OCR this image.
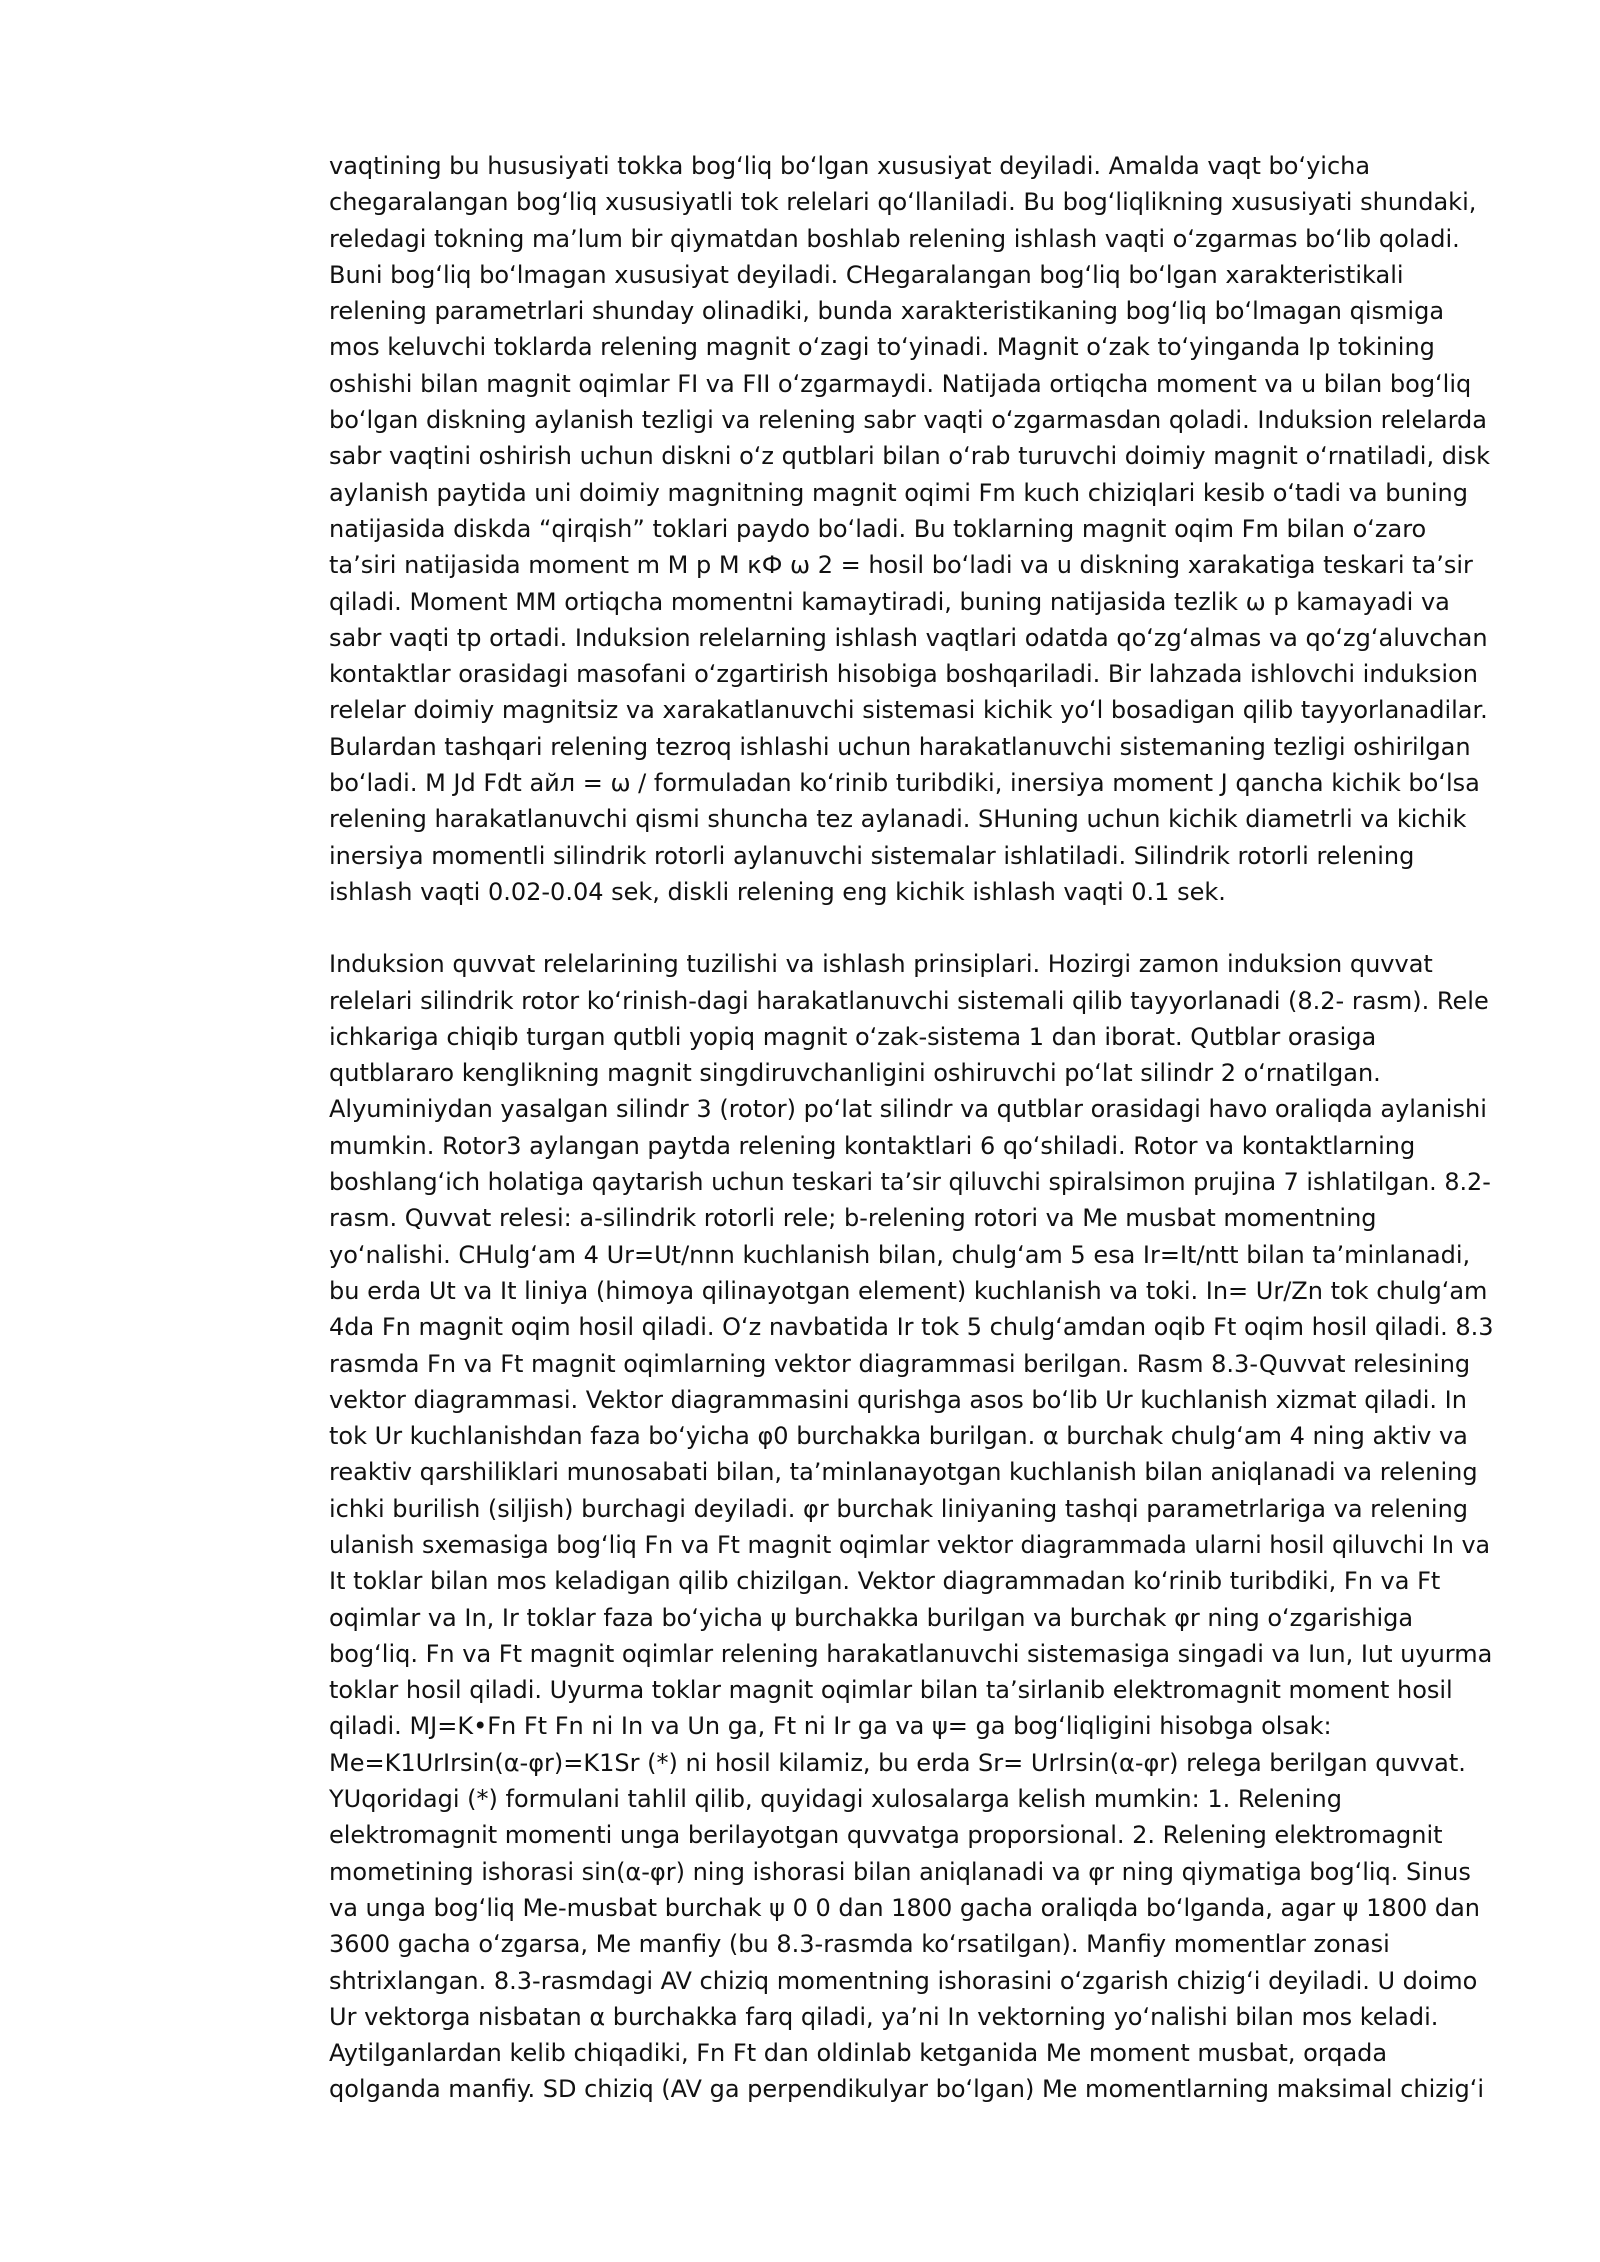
vaqtining bu hususiyati tokka bogʻliq boʻlgan xususiyat deyiladi. Amalda vaqt boʻyicha
chegaralangan bogʻliq xususiyatli tok relelari qoʻllaniladi. Bu bogʻliqlikning xususiyati shundaki,
reledagi tokning maʼlum bir qiymatdan boshlab relening ishlash vaqti oʻzgarmas boʻlib qoladi.
Buni bogʻliq boʻlmagan xususiyat deyiladi. CHegaralangan bogʻliq boʻlgan xarakteristikali
relening parametrlari shunday olinadiki, bunda xarakteristikaning bogʻliq boʻlmagan qismiga
mos keluvchi toklarda relening magnit oʻzagi toʻyinadi. Magnit oʻzak toʻyinganda Ip tokining
oshishi bilan magnit oqimlar FI va FII oʻzgarmaydi. Natijada ortiqcha moment va u bilan bogʻliq
boʻlgan diskning aylanish tezligi va relening sabr vaqti oʻzgarmasdan qoladi. Induksion relelarda
sabr vaqtini oshirish uchun diskni oʻz qutblari bilan oʻrab turuvchi doimiy magnit oʻrnatiladi, disk
aylanish paytida uni doimiy magnitning magnit oqimi Fm kuch chiziqlari kesib oʻtadi va buning
natijasida diskda “qirqish” toklari paydo boʻladi. Bu toklarning magnit oqim Fm bilan oʻzaro
taʼsiri natijasida moment m M p M кФ ω 2 = hosil boʻladi va u diskning xarakatiga teskari taʼsir
qiladi. Moment MM ortiqcha momentni kamaytiradi, buning natijasida tezlik ω p kamayadi va
sabr vaqti tp ortadi. Induksion relelarning ishlash vaqtlari odatda qoʻzgʻalmas va qoʻzgʻaluvchan
kontaktlar orasidagi masofani oʻzgartirish hisobiga boshqariladi. Bir lahzada ishlovchi induksion
relelar doimiy magnitsiz va xarakatlanuvchi sistemasi kichik yoʻl bosadigan qilib tayyorlanadilar.
Bulardan tashqari relening tezroq ishlashi uchun harakatlanuvchi sistemaning tezligi oshirilgan
boʻladi. M Jd Fdt айл = ω / formuladan koʻrinib turibdiki, inersiya moment J qancha kichik boʻlsa
relening harakatlanuvchi qismi shuncha tez aylanadi. SHuning uchun kichik diametrli va kichik
inersiya momentli silindrik rotorli aylanuvchi sistemalar ishlatiladi. Silindrik rotorli relening
ishlash vaqti 0.02-0.04 sek, diskli relening eng kichik ishlash vaqti 0.1 sek.

Induksion quvvat relelarining tuzilishi va ishlash prinsiplari. Hozirgi zamon induksion quvvat
relelari silindrik rotor koʻrinish-dagi harakatlanuvchi sistemali qilib tayyorlanadi (8.2- rasm). Rele
ichkariga chiqib turgan qutbli yopiq magnit oʻzak-sistema 1 dan iborat. Qutblar orasiga
qutblararo kenglikning magnit singdiruvchanligini oshiruvchi poʻlat silindr 2 oʻrnatilgan.
Alyuminiydan yasalgan silindr 3 (rotor) poʻlat silindr va qutblar orasidagi havo oraliqda aylanishi
mumkin. Rotor3 aylangan paytda relening kontaktlari 6 qoʻshiladi. Rotor va kontaktlarning
boshlangʻich holatiga qaytarish uchun teskari taʼsir qiluvchi spiralsimon prujina 7 ishlatilgan. 8.2-
rasm. Quvvat relesi: a-silindrik rotorli rele; b-relening rotori va Me musbat momentning
yoʻnalishi. CHulgʻam 4 Ur=Ut/nnn kuchlanish bilan, chulgʻam 5 esa Ir=It/ntt bilan taʼminlanadi,
bu erda Ut va It liniya (himoya qilinayotgan element) kuchlanish va toki. In= Ur/Zn tok chulgʻam
4da Fn magnit oqim hosil qiladi. Oʻz navbatida Ir tok 5 chulgʻamdan oqib Ft oqim hosil qiladi. 8.3
rasmda Fn va Ft magnit oqimlarning vektor diagrammasi berilgan. Rasm 8.3-Quvvat relesining
vektor diagrammasi. Vektor diagrammasini qurishga asos boʻlib Ur kuchlanish xizmat qiladi. In
tok Ur kuchlanishdan faza boʻyicha φ0 burchakka burilgan. α burchak chulgʻam 4 ning aktiv va
reaktiv qarshiliklari munosabati bilan, taʼminlanayotgan kuchlanish bilan aniqlanadi va relening
ichki burilish (siljish) burchagi deyiladi. φr burchak liniyaning tashqi parametrlariga va relening
ulanish sxemasiga bogʻliq Fn va Ft magnit oqimlar vektor diagrammada ularni hosil qiluvchi In va
It toklar bilan mos keladigan qilib chizilgan. Vektor diagrammadan koʻrinib turibdiki, Fn va Ft
oqimlar va In, Ir toklar faza boʻyicha ψ burchakka burilgan va burchak φr ning oʻzgarishiga
bogʻliq. Fn va Ft magnit oqimlar relening harakatlanuvchi sistemasiga singadi va Iun, Iut uyurma
toklar hosil qiladi. Uyurma toklar magnit oqimlar bilan taʼsirlanib elektromagnit moment hosil
qiladi. MJ=K•Fn Ft Fn ni In va Un ga, Ft ni Ir ga va ψ= ga bogʻliqligini hisobga olsak:
Me=K1UrIrsin(α-φr)=K1Sr (*) ni hosil kilamiz, bu erda Sr= UrIrsin(α-φr) relega berilgan quvvat.
YUqoridagi (*) formulani tahlil qilib, quyidagi xulosalarga kelish mumkin: 1. Relening
elektromagnit momenti unga berilayotgan quvvatga proporsional. 2. Relening elektromagnit
mometining ishorasi sin(α-φr) ning ishorasi bilan aniqlanadi va φr ning qiymatiga bogʻliq. Sinus
va unga bogʻliq Me-musbat burchak ψ 0 0 dan 1800 gacha oraliqda boʻlganda, agar ψ 1800 dan
3600 gacha oʻzgarsa, Me manfiy (bu 8.3-rasmda koʻrsatilgan). Manfiy momentlar zonasi
shtrixlangan. 8.3-rasmdagi AV chiziq momentning ishorasini oʻzgarish chizigʻi deyiladi. U doimo
Ur vektorga nisbatan α burchakka farq qiladi, yaʼni In vektorning yoʻnalishi bilan mos keladi.
Aytilganlardan kelib chiqadiki, Fn Ft dan oldinlab ketganida Me moment musbat, orqada
qolganda manfiy. SD chiziq (AV ga perpendikulyar boʻlgan) Me momentlarning maksimal chizigʻi
